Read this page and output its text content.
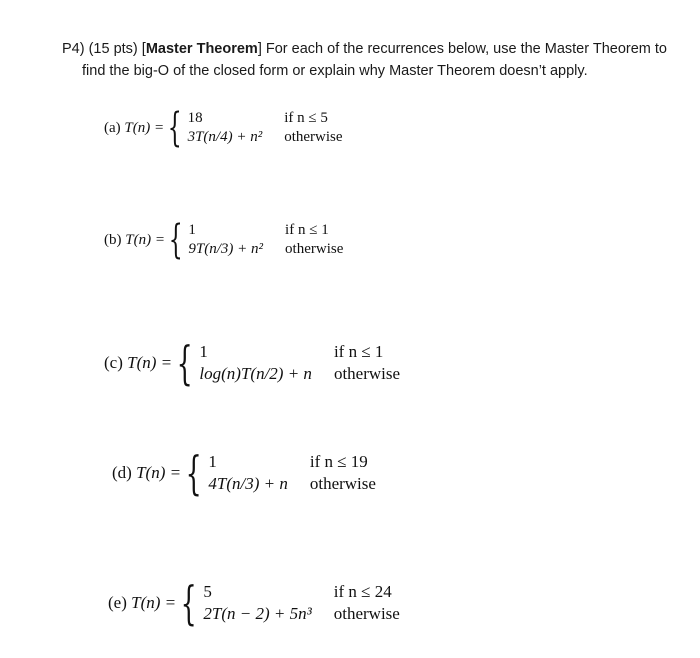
P4) (15 pts) [Master Theorem] For each of the recurrences below, use the Master Theorem to
find the big-O of the closed form or explain why Master Theorem doesn’t apply.
(a) T(n) = { 18	if n ≤ 5
3T(n/4) + n² otherwise
(b) T(n) = { 1	if n ≤ 1
9T(n/3) + n² otherwise
(c) T(n) = { 1	if n ≤ 1
log(n)T(n/2) + n otherwise
(d) T(n) = { 1	if n ≤ 19
4T(n/3) + n otherwise
(e) T(n) = { 5	if n ≤ 24
2T(n − 2) + 5n³ otherwise
